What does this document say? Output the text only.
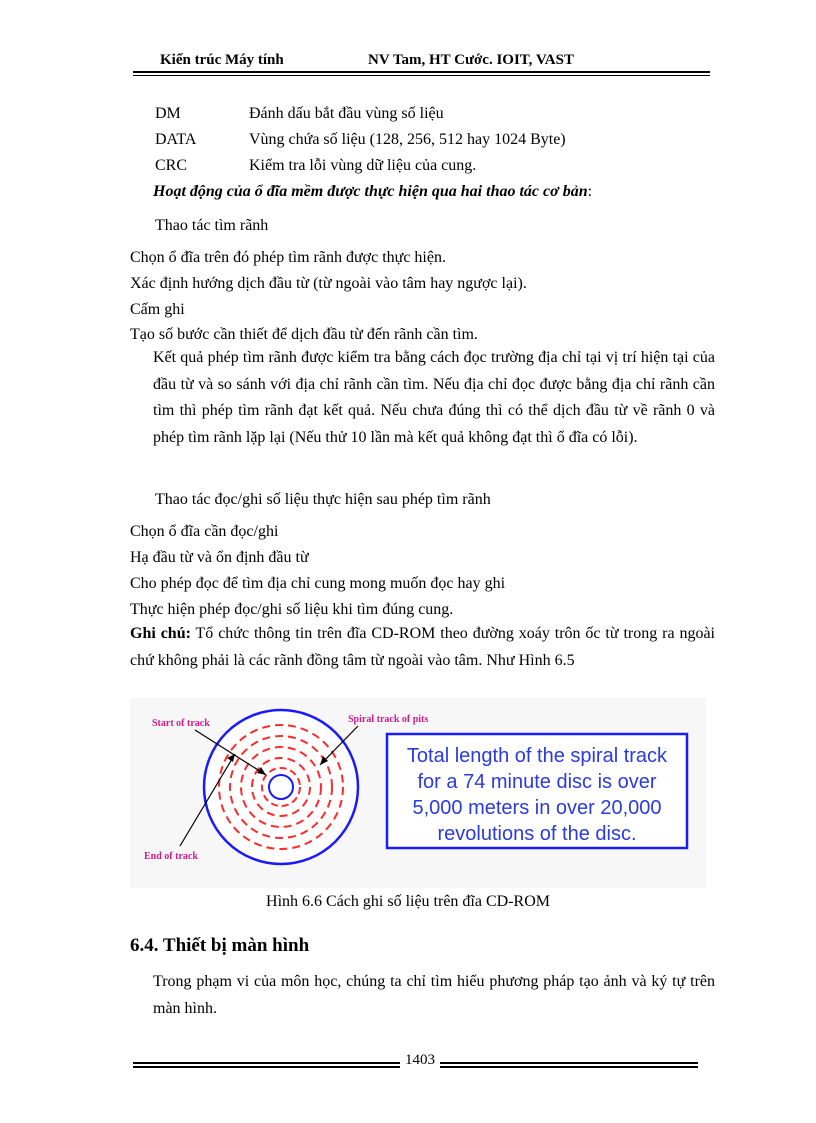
Kiến trúc Máy tính	NV Tam, HT Cước. IOIT, VAST
DM	Đánh dấu bắt đầu vùng số liệu
DATA	Vùng chứa số liệu (128, 256, 512 hay 1024 Byte)
CRC	Kiểm tra lỗi vùng dữ liệu của cung.
Hoạt động của ổ đĩa mềm được thực hiện qua hai thao tác cơ bản:
Thao tác tìm rãnh
Chọn ổ đĩa trên đó phép tìm rãnh được thực hiện.
Xác định hướng dịch đầu từ (từ ngoài vào tâm hay ngược lại).
Cấm ghi
Tạo số bước cần thiết để dịch đầu từ đến rãnh cần tìm.
Kết quả phép tìm rãnh được kiểm tra bằng cách đọc trường địa chỉ tại vị trí hiện tại của đầu từ và so sánh với địa chỉ rãnh cần tìm. Nếu địa chỉ đọc được bằng địa chỉ rãnh cần tìm thì phép tìm rãnh đạt kết quả. Nếu chưa đúng thì có thể dịch đầu từ về rãnh 0 và phép tìm rãnh lặp lại (Nếu thử 10 lần mà kết quả không đạt thì ổ đĩa có lỗi).
Thao tác đọc/ghi số liệu thực hiện sau phép tìm rãnh
Chọn ổ đĩa cần đọc/ghi
Hạ đầu từ và ổn định đầu từ
Cho phép đọc để tìm địa chỉ cung mong muốn đọc hay ghi
Thực hiện phép đọc/ghi số liệu khi tìm đúng cung.
Ghi chú: Tổ chức thông tin trên đĩa CD-ROM theo đường xoáy trôn ốc từ trong ra ngoài chứ không phải là các rãnh đồng tâm từ ngoài vào tâm. Như Hình 6.5
Start of track	Spiral track of pits
End of track
Total length of the spiral track
for a 74 minute disc is over
5,000 meters in over 20,000
revolutions of the disc.
Hình 6.6 Cách ghi số liệu trên đĩa CD-ROM
6.4. Thiết bị màn hình
Trong phạm vi của môn học, chúng ta chỉ tìm hiểu phương pháp tạo ảnh và ký tự trên màn hình.
1403
